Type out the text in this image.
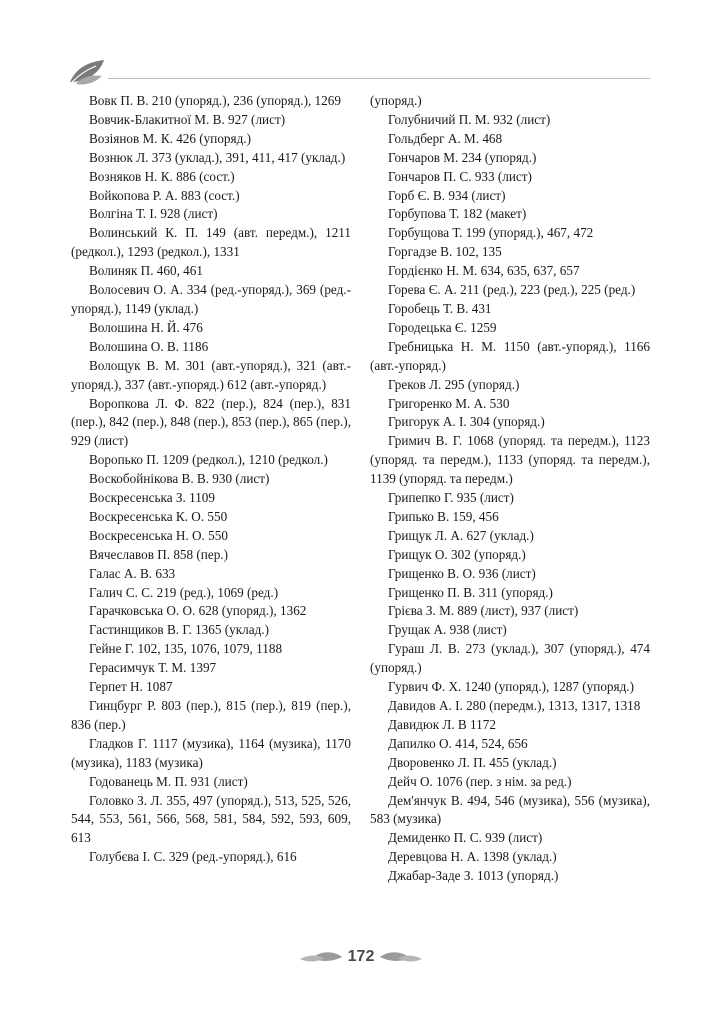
Вовк П. В. 210 (упоряд.), 236 (упоряд.), 1269

Вовчик-Блакитної М. В. 927 (лист)

Возіянов М. К. 426 (упоряд.)

Вознюк Л. 373 (уклад.), 391, 411, 417 (уклад.)

Возняков Н. К. 886 (сост.)

Войкопова Р. А. 883 (сост.)

Волгіна Т. І. 928 (лист)

Волинський К. П. 149 (авт. передм.), 1211 (редкол.), 1293 (редкол.), 1331

Волиняк П. 460, 461

Волосевич О. А. 334 (ред.-упоряд.), 369 (ред.-упоряд.), 1149 (уклад.)

Волошина Н. Й. 476

Волошина О. В. 1186

Волощук В. М. 301 (авт.-упоряд.), 321 (авт.-упоряд.), 337 (авт.-упоряд.) 612 (авт.-упоряд.)

Воропкова Л. Ф. 822 (пер.), 824 (пер.), 831 (пер.), 842 (пер.), 848 (пер.), 853 (пер.), 865 (пер.), 929 (лист)

Воропько П. 1209 (редкол.), 1210 (редкол.)

Воскобойнікова В. В. 930 (лист)

Воскресенська З. 1109

Воскресенська К. О. 550

Воскресенська Н. О. 550

Вячеславов П. 858 (пер.)

Галас А. В. 633

Галич С. С. 219 (ред.), 1069 (ред.)

Гарачковська О. О. 628 (упоряд.), 1362

Гастинщиков В. Г. 1365 (уклад.)

Гейне Г. 102, 135, 1076, 1079, 1188

Герасимчук Т. М. 1397

Герпет Н. 1087

Гинцбург Р. 803 (пер.), 815 (пер.), 819 (пер.), 836 (пер.)

Гладков Г. 1117 (музика), 1164 (музика), 1170 (музика), 1183 (музика)

Годованець М. П. 931 (лист)

Головко З. Л. 355, 497 (упоряд.), 513, 525, 526, 544, 553, 561, 566, 568, 581, 584, 592, 593, 609, 613

Голубєва І. С. 329 (ред.-упоряд.), 616

(упоряд.)

Голубничий П. М. 932 (лист)

Гольдберг А. М. 468

Гончаров М. 234 (упоряд.)

Гончаров П. С. 933 (лист)

Горб Є. В. 934 (лист)

Горбупова Т. 182 (макет)

Горбущова Т. 199 (упоряд.), 467, 472

Горгадзе В. 102, 135

Гордієнко Н. М. 634, 635, 637, 657

Горева Є. А. 211 (ред.), 223 (ред.), 225 (ред.)

Горобець Т. В. 431

Городецька Є. 1259

Гребницька Н. М. 1150 (авт.-упоряд.), 1166 (авт.-упоряд.)

Греков Л. 295 (упоряд.)

Григоренко М. А. 530

Григорук А. І. 304 (упоряд.)

Гримич В. Г. 1068 (упоряд. та передм.), 1123 (упоряд. та передм.), 1133 (упоряд. та передм.), 1139 (упоряд. та передм.)

Грипепко Г. 935 (лист)

Грипько В. 159, 456

Грищук Л. А. 627 (уклад.)

Грищук О. 302 (упоряд.)

Грищенко В. О. 936 (лист)

Грищенко П. В. 311 (упоряд.)

Грієва З. М. 889 (лист), 937 (лист)

Грущак А. 938 (лист)

Гураш Л. В. 273 (уклад.), 307 (упоряд.), 474 (упоряд.)

Гурвич Ф. Х. 1240 (упоряд.), 1287 (упоряд.)

Давидов А. І. 280 (передм.), 1313, 1317, 1318

Давидюк Л. В 1172

Дапилко О. 414, 524, 656

Дворовенко Л. П. 455 (уклад.)

Дейч О. 1076 (пер. з нім. за ред.)

Дем'янчук В. 494, 546 (музика), 556 (музика), 583 (музика)

Демиденко П. С. 939 (лист)

Деревцова Н. А. 1398 (уклад.)

Джабар-Заде З. 1013 (упоряд.)

172
